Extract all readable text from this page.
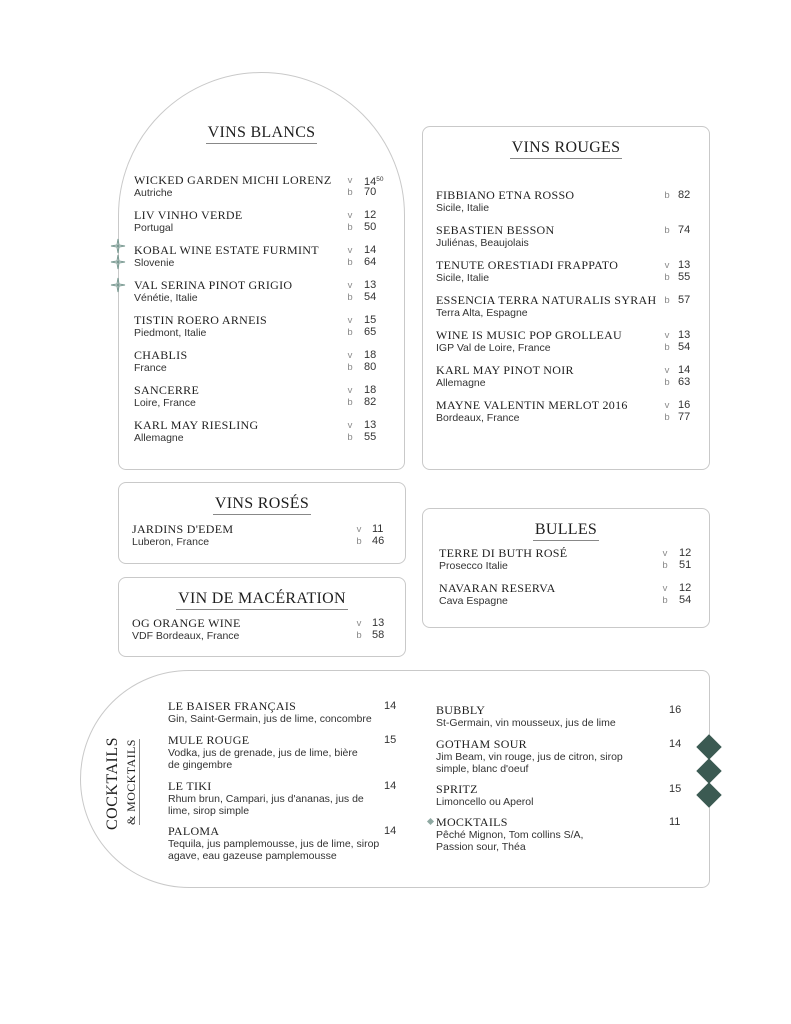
VINS BLANCS
VINS ROUGES
VINS ROSÉS
VIN DE MACÉRATION
BULLES
WICKED GARDEN MICHI LORENZ
Autriche
v
b
$14^{50}$
70
LIV VINHO VERDE
Portugal
v
b
12
50
KOBAL WINE ESTATE FURMINT
Slovenie
v
b
14
64
VAL SERINA PINOT GRIGIO
Vénétie, Italie
v
b
13
54
TISTIN ROERO ARNEIS
Piedmont, Italie
v
b
15
65
CHABLIS
France
v
b
18
80
SANCERRE
Loire, France
v
b
18
82
KARL MAY RIESLING
Allemagne
v
b
13
55
FIBBIANO ETNA ROSSO
Sicile, Italie
b 82
SEBASTIEN BESSON
Juliénas, Beaujolais
b 74
TENUTE ORESTIADI FRAPPATO
Sicile, Italie
v
b
13
55
ESSENCIA TERRA NATURALIS SYRAH
Terra Alta, Espagne
b 57
WINE IS MUSIC POP GROLLEAU
IGP Val de Loire, France
v
b
13
54
KARL MAY PINOT NOIR
Allemagne
v
b
14
63
MAYNE VALENTIN MERLOT 2016
Bordeaux, France
v
b
16
77
JARDINS D'EDEM
Luberon, France
v
b
11
46
OG ORANGE WINE
VDF Bordeaux, France
v
b
13
58
TERRE DI BUTH ROSÉ
Prosecco Italie
v
b
12
51
NAVARAN RESERVA
Cava Espagne
v
b
12
54
COCKTAILS & MOCKTAILS
LE BAISER FRANÇAIS
Gin, Saint-Germain, jus de lime, concombre
14
MULE ROUGE
Vodka, jus de grenade, jus de lime, bière de gingembre
15
LE TIKI
Rhum brun, Campari, jus d'ananas, jus de lime, sirop simple
14
PALOMA
Tequila, jus pamplemousse, jus de lime, sirop agave, eau gazeuse pamplemousse
14
BUBBLY
St-Germain, vin mousseux, jus de lime
16
GOTHAM SOUR
Jim Beam, vin rouge, jus de citron, sirop simple, blanc d'oeuf
14
SPRITZ
Limoncello ou Aperol
15
MOCKTAILS
Pêché Mignon, Tom collins S/A, Passion sour, Théa
11
